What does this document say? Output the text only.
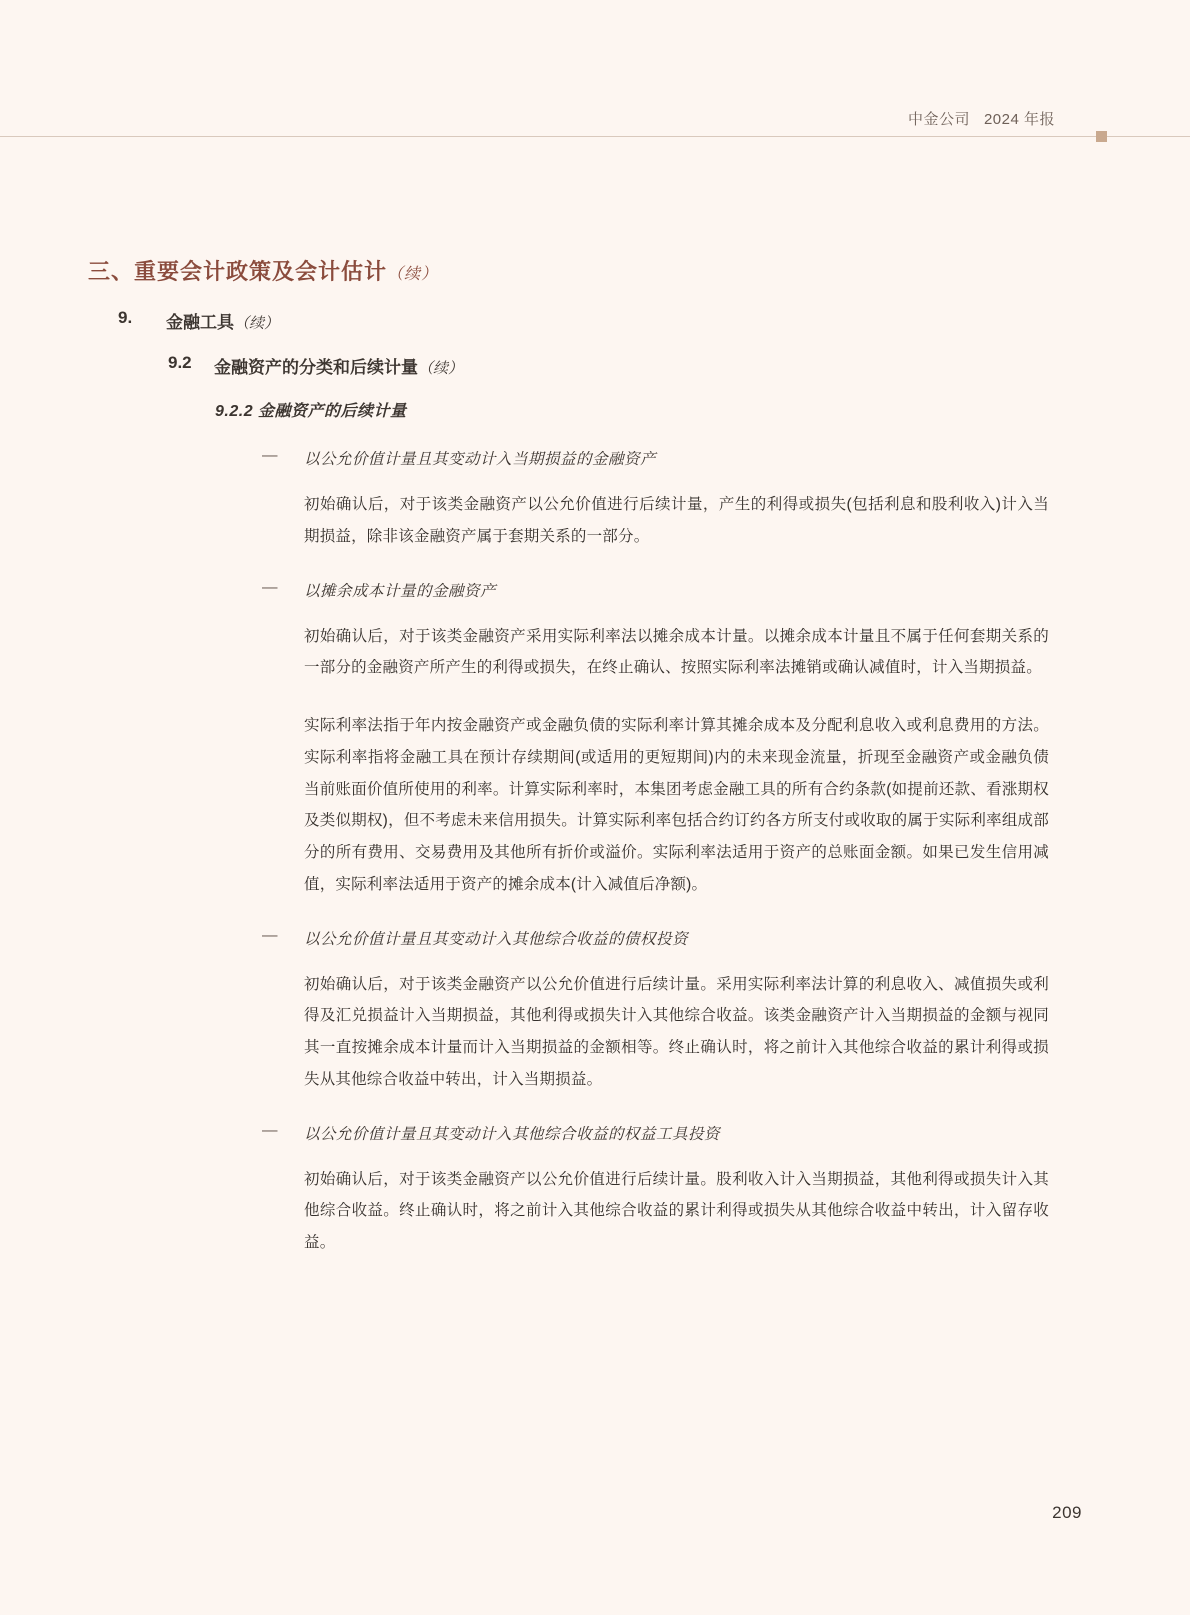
中金公司 2024 年报
三、重要会计政策及会计估计（续）
9.	金融工具（续）
9.2	金融资产的分类和后续计量（续）
9.2.2 金融资产的后续计量
—	以公允价值计量且其变动计入当期损益的金融资产
初始确认后，对于该类金融资产以公允价值进行后续计量，产生的利得或损失(包括利息和股利收入)计入当期损益，除非该金融资产属于套期关系的一部分。
—	以摊余成本计量的金融资产
初始确认后，对于该类金融资产采用实际利率法以摊余成本计量。以摊余成本计量且不属于任何套期关系的一部分的金融资产所产生的利得或损失，在终止确认、按照实际利率法摊销或确认减值时，计入当期损益。
实际利率法指于年内按金融资产或金融负债的实际利率计算其摊余成本及分配利息收入或利息费用的方法。实际利率指将金融工具在预计存续期间(或适用的更短期间)内的未来现金流量，折现至金融资产或金融负债当前账面价值所使用的利率。计算实际利率时，本集团考虑金融工具的所有合约条款(如提前还款、看涨期权及类似期权)，但不考虑未来信用损失。计算实际利率包括合约订约各方所支付或收取的属于实际利率组成部分的所有费用、交易费用及其他所有折价或溢价。实际利率法适用于资产的总账面金额。如果已发生信用减值，实际利率法适用于资产的摊余成本(计入减值后净额)。
—	以公允价值计量且其变动计入其他综合收益的债权投资
初始确认后，对于该类金融资产以公允价值进行后续计量。采用实际利率法计算的利息收入、减值损失或利得及汇兑损益计入当期损益，其他利得或损失计入其他综合收益。该类金融资产计入当期损益的金额与视同其一直按摊余成本计量而计入当期损益的金额相等。终止确认时，将之前计入其他综合收益的累计利得或损失从其他综合收益中转出，计入当期损益。
—	以公允价值计量且其变动计入其他综合收益的权益工具投资
初始确认后，对于该类金融资产以公允价值进行后续计量。股利收入计入当期损益，其他利得或损失计入其他综合收益。终止确认时，将之前计入其他综合收益的累计利得或损失从其他综合收益中转出，计入留存收益。
209
